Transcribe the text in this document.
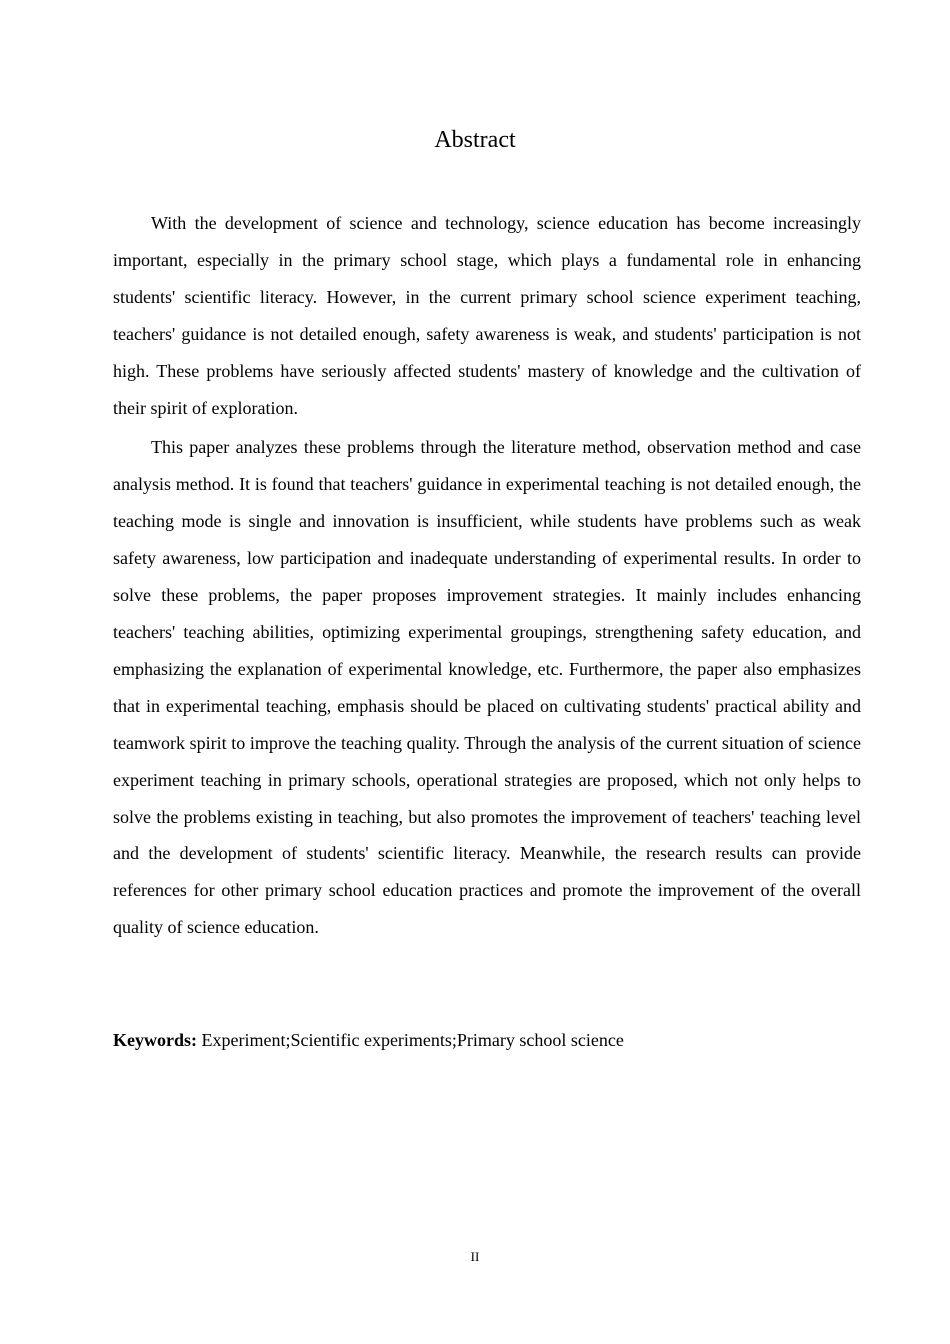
Abstract

With the development of science and technology, science education has become increasingly important, especially in the primary school stage, which plays a fundamental role in enhancing students' scientific literacy. However, in the current primary school science experiment teaching, teachers' guidance is not detailed enough, safety awareness is weak, and students' participation is not high. These problems have seriously affected students' mastery of knowledge and the cultivation of their spirit of exploration.

This paper analyzes these problems through the literature method, observation method and case analysis method. It is found that teachers' guidance in experimental teaching is not detailed enough, the teaching mode is single and innovation is insufficient, while students have problems such as weak safety awareness, low participation and inadequate understanding of experimental results. In order to solve these problems, the paper proposes improvement strategies. It mainly includes enhancing teachers' teaching abilities, optimizing experimental groupings, strengthening safety education, and emphasizing the explanation of experimental knowledge, etc. Furthermore, the paper also emphasizes that in experimental teaching, emphasis should be placed on cultivating students' practical ability and teamwork spirit to improve the teaching quality. Through the analysis of the current situation of science experiment teaching in primary schools, operational strategies are proposed, which not only helps to solve the problems existing in teaching, but also promotes the improvement of teachers' teaching level and the development of students' scientific literacy. Meanwhile, the research results can provide references for other primary school education practices and promote the improvement of the overall quality of science education.

Keywords: Experiment;Scientific experiments;Primary school science

II
